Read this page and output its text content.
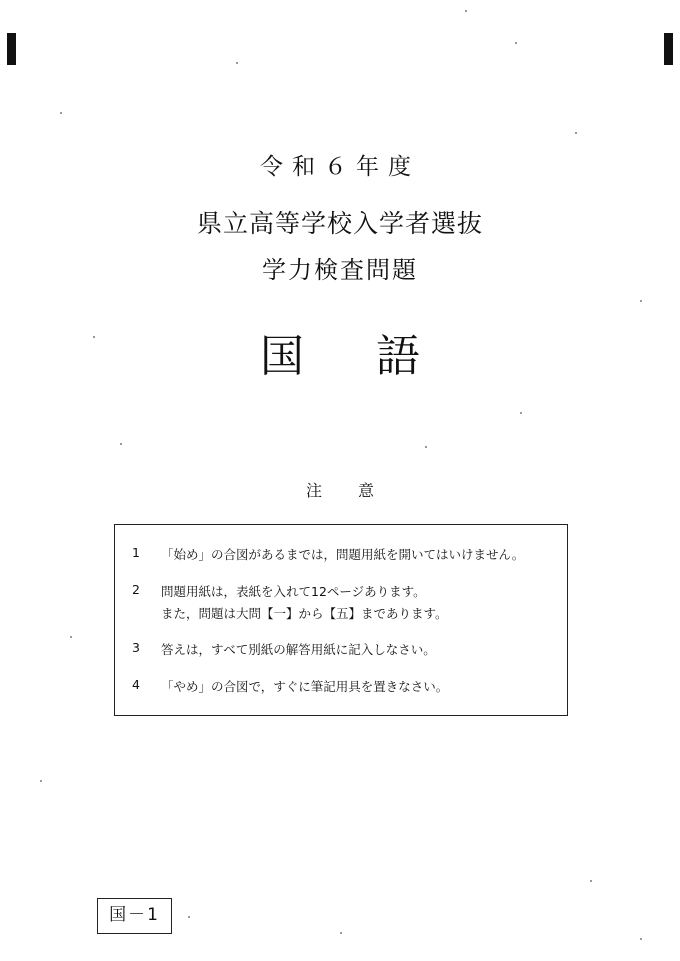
令和６年度
県立高等学校入学者選抜
学力検査問題
国語
注意
1 「始め」の合図があるまでは，問題用紙を開いてはいけません。
2 問題用紙は，表紙を入れて12ページあります。
また，問題は大問【一】から【五】まであります。
3 答えは，すべて別紙の解答用紙に記入しなさい。
4 「やめ」の合図で，すぐに筆記用具を置きなさい。
国－1
